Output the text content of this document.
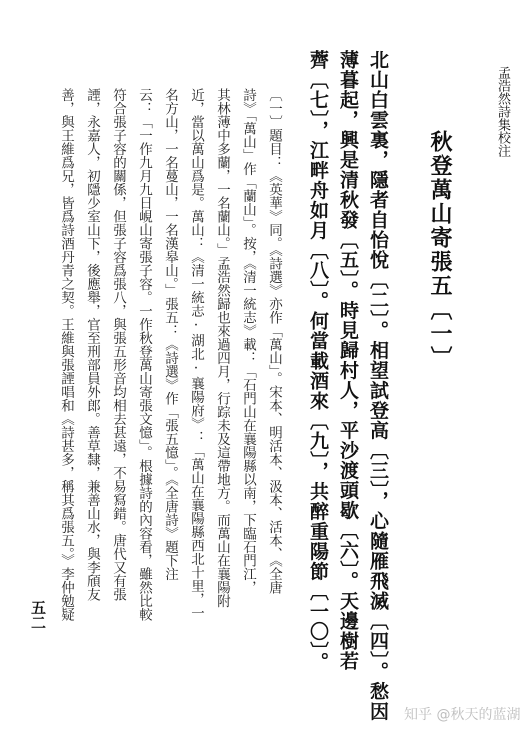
孟浩然詩集校注
秋登萬山寄張五〔一〕
北山白雲裏，隱者自怡悅〔二〕。相望試登高〔三〕，心隨雁飛滅〔四〕。愁因
薄暮起，興是清秋發〔五〕。時見歸村人，平沙渡頭歇〔六〕。天邊樹若
薺〔七〕，江畔舟如月〔八〕。何當載酒來〔九〕，共醉重陽節〔一〇〕。
〔一〕題目：《英華》同。《詩選》亦作「萬山」。宋本、明活本、汲本、活本、《全唐
詩》「萬山」作「蘭山」。按，《清一統志》載：「石門山在襄陽縣以南，下臨石門江，
其林薄中多蘭，一名蘭山。」孟浩然歸也來過四月，行踪未及這帶地方。而萬山在襄陽附
近，當以萬山爲是。萬山：《清一統志·湖北·襄陽府》：「萬山在襄陽縣西北十里，一
名方山，一名蔓山，一名漢皋山。」張五：《詩選》作「張五憶」。《全唐詩》題下注
云：「一作九月九日峴山寄張子容。一作秋登萬山寄張文憶」。根據詩的內容看，雖然比較
符合張子容的關係，但張子容爲張八，與張五形音均相去甚遠，不易寫錯。唐代又有張
諲，永嘉人，初隱少室山下，後應舉，官至刑部員外郎。善草隸，兼善山水，與李頎友
善，與王維爲兄，皆爲詩酒丹青之契。王維與張諲唱和《詩甚多，稱其爲張五。》李仲勉疑
五二
知乎 @秋天的蓝湖
